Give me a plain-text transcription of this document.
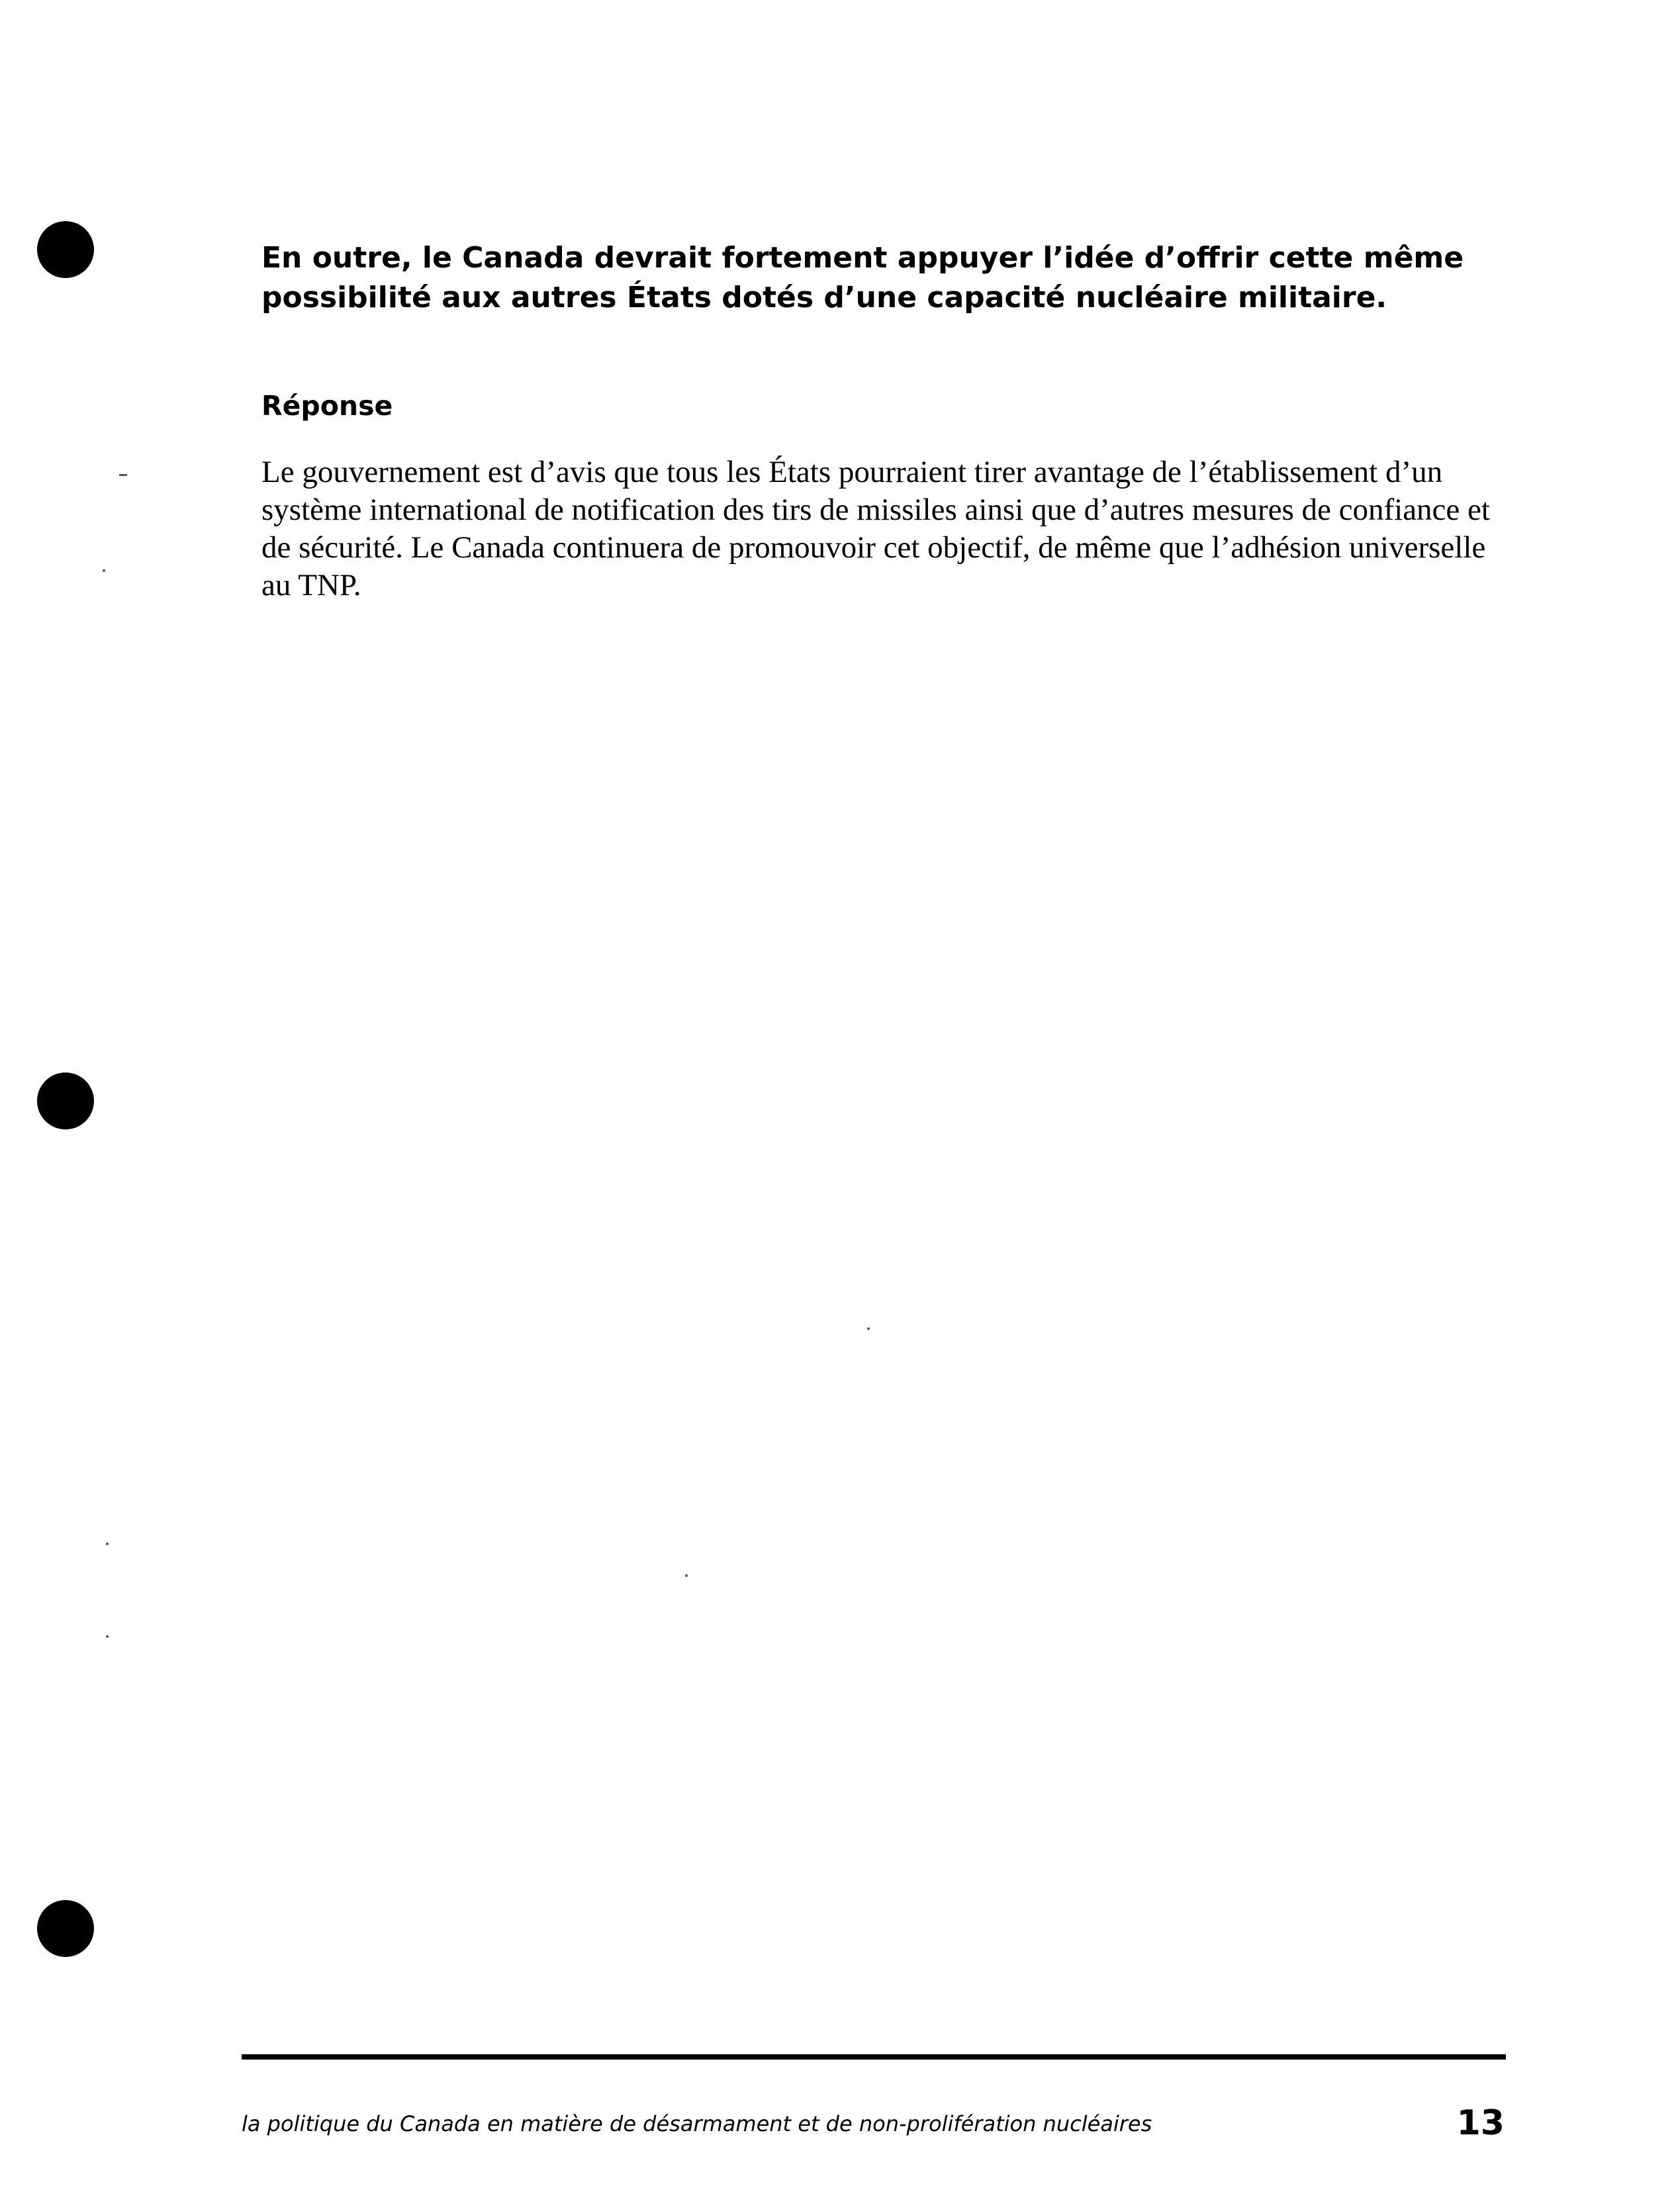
En outre, le Canada devrait fortement appuyer l’idée d’offrir cette même possibilité aux autres États dotés d’une capacité nucléaire militaire.

Réponse

Le gouvernement est d’avis que tous les États pourraient tirer avantage de l’établissement d’un système international de notification des tirs de missiles ainsi que d’autres mesures de confiance et de sécurité. Le Canada continuera de promouvoir cet objectif, de même que l’adhésion universelle au TNP.

la politique du Canada en matière de désarmament et de non-prolifération nucléaires	13
